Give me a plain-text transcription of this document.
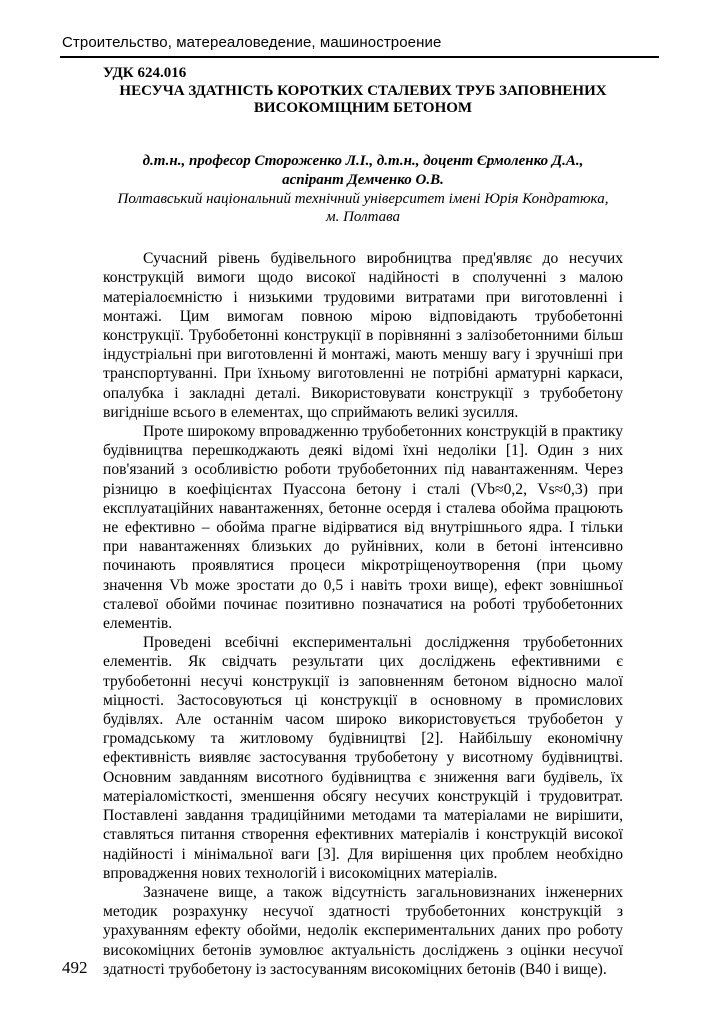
Строительство, матереаловедение, машиностроение

УДК 624.016

НЕСУЧА ЗДАТНІСТЬ КОРОТКИХ СТАЛЕВИХ ТРУБ ЗАПОВНЕНИХ
ВИСОКОМІЦНИМ БЕТОНОМ
д.т.н., професор Стороженко Л.І., д.т.н., доцент Єрмоленко Д.А.,
аспірант Демченко О.В.
Полтавський національний технічний університет імені Юрія Кондратюка,
м. Полтава

Сучасний рівень будівельного виробництва пред'являє до несучих конструкцій вимоги щодо високої надійності в сполученні з малою матеріалоємністю і низькими трудовими витратами при виготовленні і монтажі. Цим вимогам повною мірою відповідають трубобетонні конструкції. Трубобетонні конструкції в порівнянні з залізобетонними більш індустріальні при виготовленні й монтажі, мають меншу вагу і зручніші при транспортуванні. При їхньому виготовленні не потрібні арматурні каркаси, опалубка і закладні деталі. Використовувати конструкції з трубобетону вигідніше всього в елементах, що сприймають великі зусилля.

Проте широкому впровадженню трубобетонних конструкцій в практику будівництва перешкоджають деякі відомі їхні недоліки [1]. Один з них пов'язаний з особливістю роботи трубобетонних під навантаженням. Через різницю в коефіцієнтах Пуассона бетону і сталі (Vb≈0,2, Vs≈0,3) при експлуатаційних навантаженнях, бетонне осердя і сталева обойма працюють не ефективно – обойма прагне відірватися від внутрішнього ядра. І тільки при навантаженнях близьких до руйнівних, коли в бетоні інтенсивно починають проявлятися процеси мікротріщеноутворення (при цьому значення Vb може зростати до 0,5 і навіть трохи вище), ефект зовнішньої сталевої обойми починає позитивно позначатися на роботі трубобетонних елементів.

Проведені всебічні експериментальні дослідження трубобетонних елементів. Як свідчать результати цих досліджень ефективними є трубобетонні несучі конструкції із заповненням бетоном відносно малої міцності. Застосовуються ці конструкції в основному в промислових будівлях. Але останнім часом широко використовується трубобетон у громадському та житловому будівництві [2]. Найбільшу економічну ефективність виявляє застосування трубобетону у висотному будівництві. Основним завданням висотного будівництва є зниження ваги будівель, їх матеріаломісткості, зменшення обсягу несучих конструкцій і трудовитрат. Поставлені завдання традиційними методами та матеріалами не вирішити, ставляться питання створення ефективних матеріалів і конструкцій високої надійності і мінімальної ваги [3]. Для вирішення цих проблем необхідно впровадження нових технологій і високоміцних матеріалів.

Зазначене вище, а також відсутність загальновизнаних інженерних методик розрахунку несучої здатності трубобетонних конструкцій з урахуванням ефекту обойми, недолік експериментальних даних про роботу високоміцних бетонів зумовлює актуальність досліджень з оцінки несучої здатності трубобетону із застосуванням високоміцних бетонів (В40 і вище).

492
